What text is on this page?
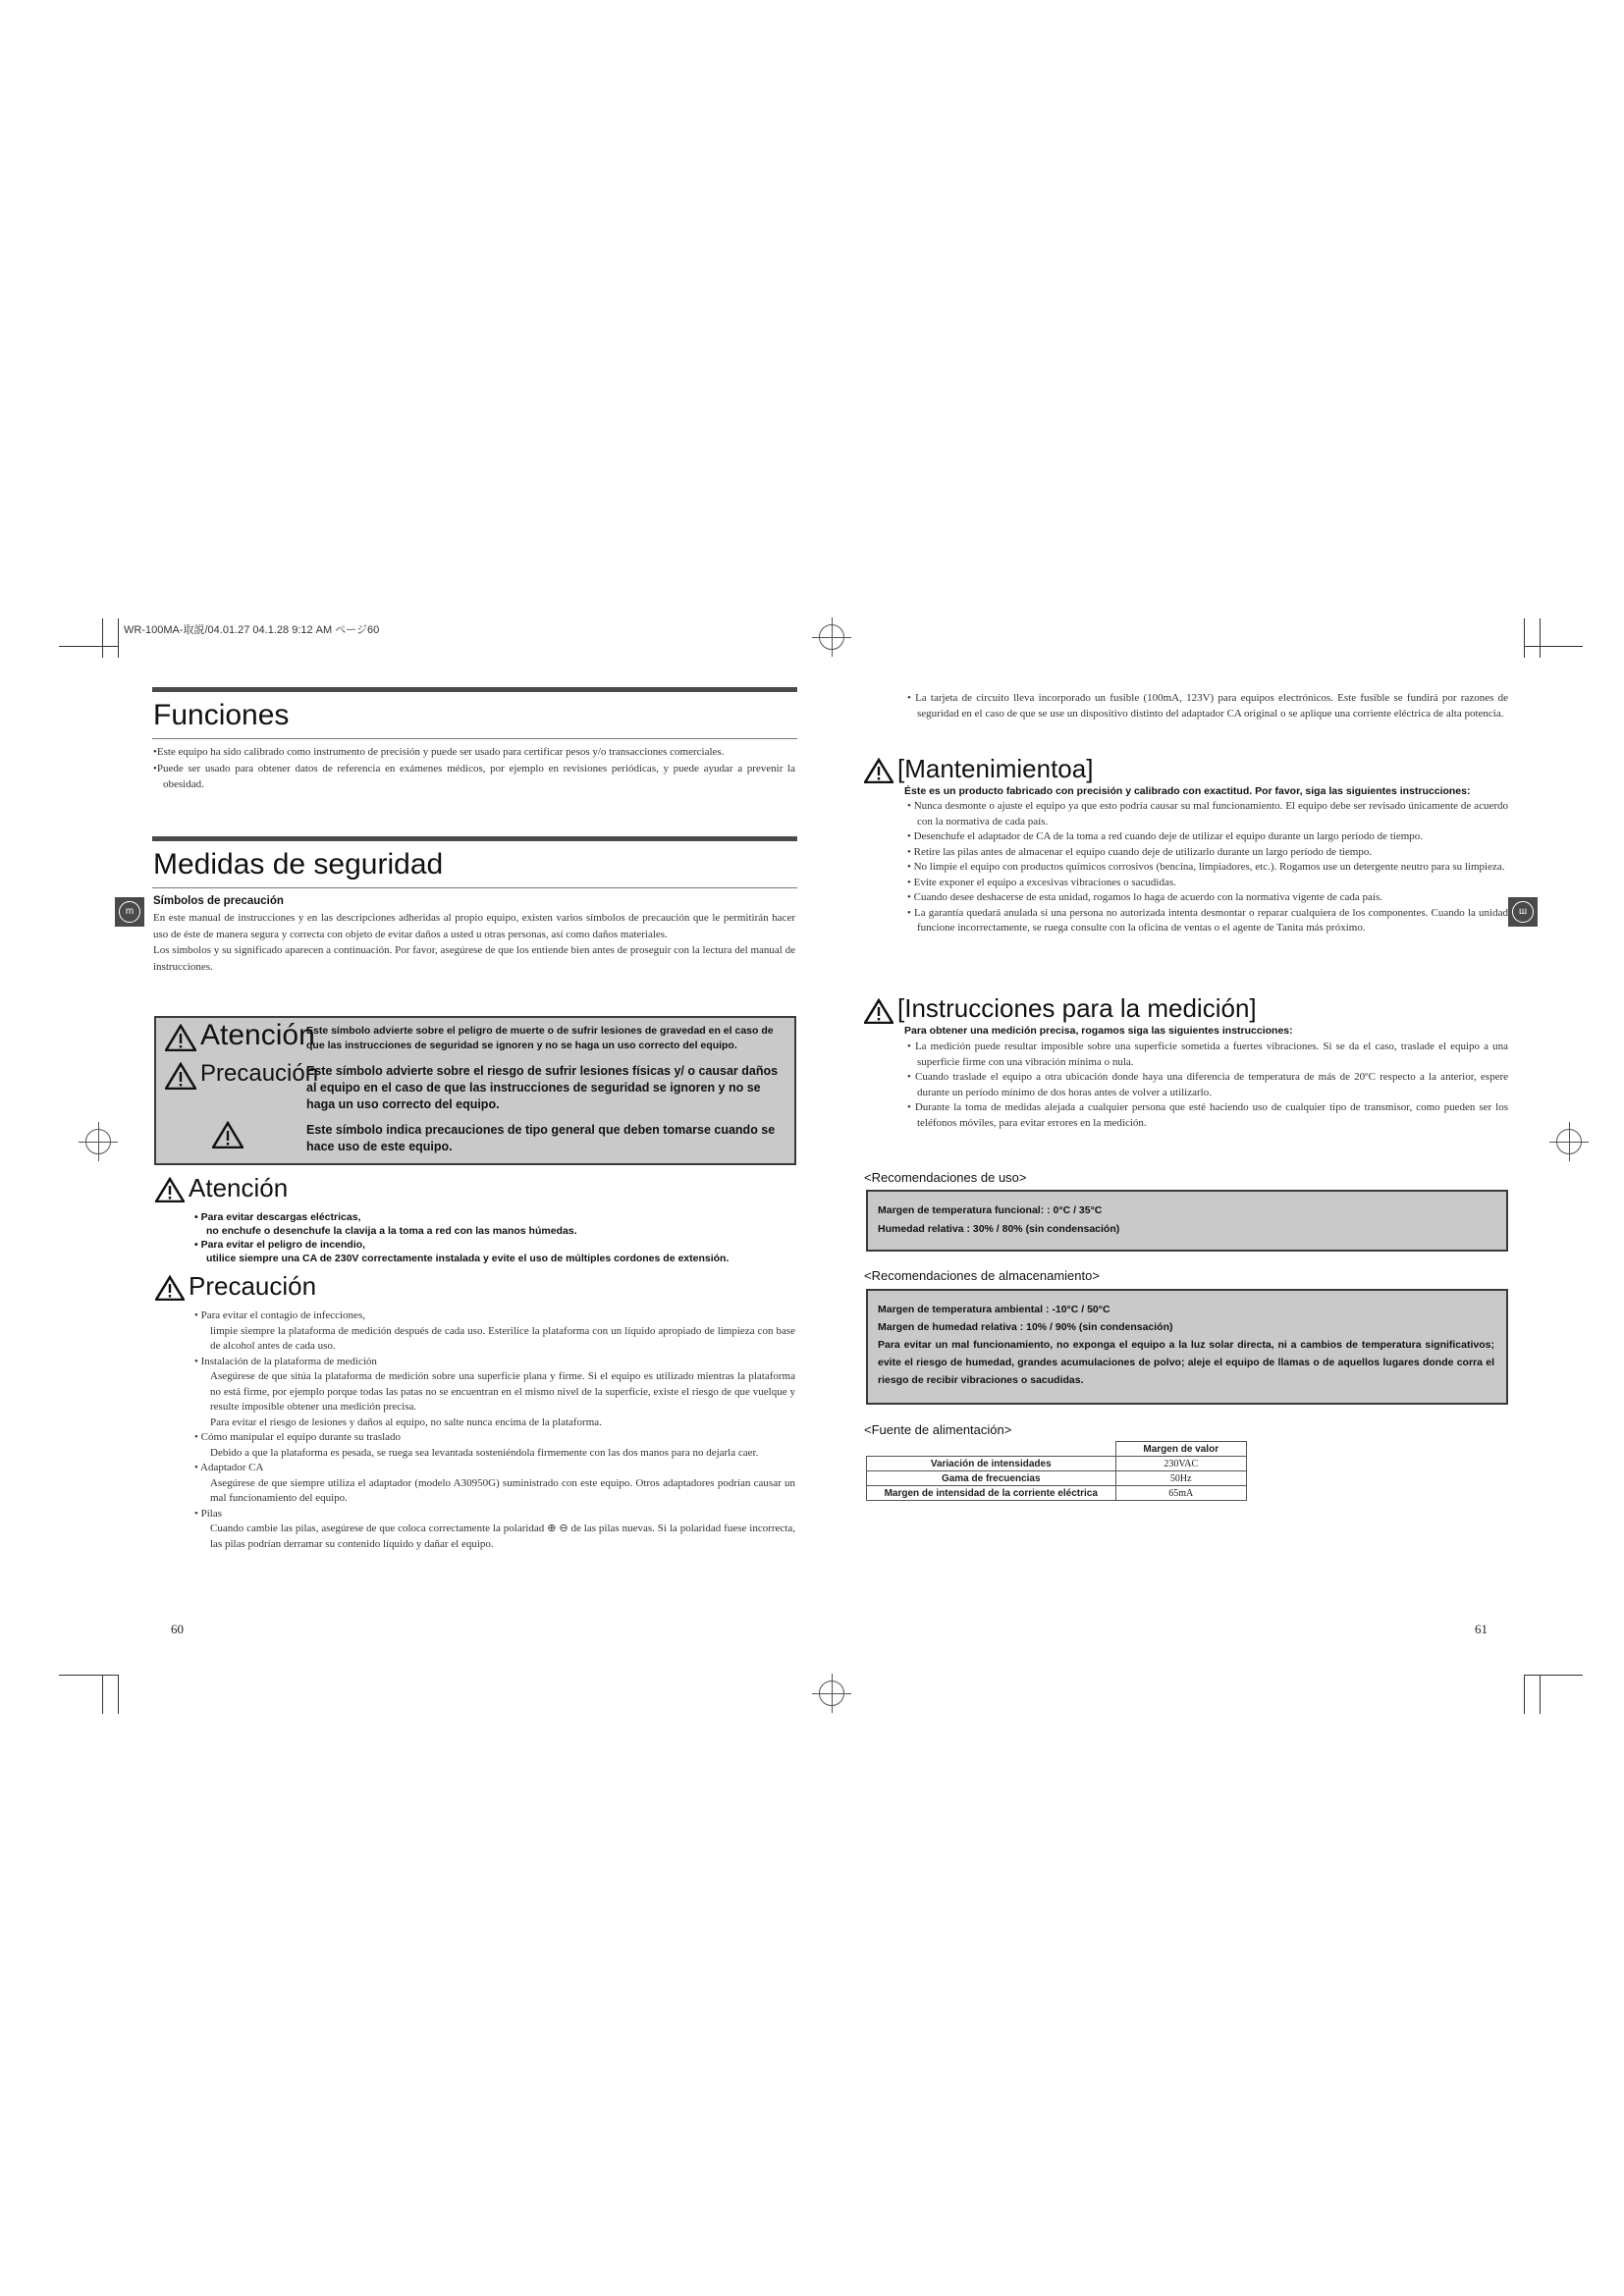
WR-100MA-取説/04.01.27 04.1.28 9:12 AM ページ60
Funciones

•Este equipo ha sido calibrado como instrumento de precisión y puede ser usado para certificar pesos y/o transacciones comerciales.

•Puede ser usado para obtener datos de referencia en exámenes médicos, por ejemplo en revisiones periódicas, y puede ayudar a prevenir la obesidad.

Medidas de seguridad
Símbolos de precaución
m

En este manual de instrucciones y en las descripciones adheridas al propio equipo, existen varios símbolos de precaución que le permitirán hacer uso de éste de manera segura y correcta con objeto de evitar daños a usted u otras personas, así como daños materiales.

Los símbolos y su significado aparecen a continuación. Por favor, asegúrese de que los entiende bien antes de proseguir con la lectura del manual de instrucciones.

Atención
Este símbolo advierte sobre el peligro de muerte o de sufrir lesiones de gravedad en el caso de que las instrucciones de seguridad se ignoren y no se haga un uso correcto del equipo.
Precaución
Este símbolo advierte sobre el riesgo de sufrir lesiones físicas y/ o causar daños al equipo en el caso de que las instrucciones de seguridad se ignoren y no se haga un uso correcto del equipo.
Este símbolo indica precauciones de tipo general que deben tomarse cuando se hace uso de este equipo.
Atención
• Para evitar descargas eléctricas,
no enchufe o desenchufe la clavija a la toma a red con las manos húmedas.
• Para evitar el peligro de incendio,
utilice siempre una CA de 230V correctamente instalada y evite el uso de múltiples cordones de extensión.
Precaución

• Para evitar el contagio de infecciones,

limpie siempre la plataforma de medición después de cada uso. Esterilice la plataforma con un líquido apropiado de limpieza con base de alcohol antes de cada uso.

• Instalación de la plataforma de medición

Asegúrese de que sitúa la plataforma de medición sobre una superficie plana y firme. Si el equipo es utilizado mientras la plataforma no está firme, por ejemplo porque todas las patas no se encuentran en el mismo nivel de la superficie, existe el riesgo de que vuelque y resulte imposible obtener una medición precisa.

Para evitar el riesgo de lesiones y daños al equipo, no salte nunca encima de la plataforma.

• Cómo manipular el equipo durante su traslado

Debido a que la plataforma es pesada, se ruega sea levantada sosteniéndola firmemente con las dos manos para no dejarla caer.

• Adaptador CA

Asegúrese de que siempre utiliza el adaptador (modelo A30950G) suministrado con este equipo. Otros adaptadores podrían causar un mal funcionamiento del equipo.

• Pilas

Cuando cambie las pilas, asegúrese de que coloca correctamente la polaridad ⊕ ⊖ de las pilas nuevas. Si la polaridad fuese incorrecta, las pilas podrían derramar su contenido líquido y dañar el equipo.

60

• La tarjeta de circuito lleva incorporado un fusible (100mA, 123V) para equipos electrónicos. Este fusible se fundirá por razones de seguridad en el caso de que se use un dispositivo distinto del adaptador CA original o se aplique una corriente eléctrica de alta potencia.

[Mantenimientoa]
Éste es un producto fabricado con precisión y calibrado con exactitud. Por favor, siga las siguientes instrucciones:
ш

• Nunca desmonte o ajuste el equipo ya que esto podría causar su mal funcionamiento. El equipo debe ser revisado únicamente de acuerdo con la normativa de cada país.

• Desenchufe el adaptador de CA de la toma a red cuando deje de utilizar el equipo durante un largo período de tiempo.

• Retire las pilas antes de almacenar el equipo cuando deje de utilizarlo durante un largo período de tiempo.

• No limpie el equipo con productos químicos corrosivos (bencina, limpiadores, etc.). Rogamos use un detergente neutro para su limpieza.

• Evite exponer el equipo a excesivas vibraciones o sacudidas.

• Cuando desee deshacerse de esta unidad, rogamos lo haga de acuerdo con la normativa vigente de cada país.

• La garantía quedará anulada si una persona no autorizada intenta desmontar o reparar cualquiera de los componentes. Cuando la unidad funcione incorrectamente, se ruega consulte con la oficina de ventas o el agente de Tanita más próximo.

[Instrucciones para la medición]
Para obtener una medición precisa, rogamos siga las siguientes instrucciones:

• La medición puede resultar imposible sobre una superficie sometida a fuertes vibraciones. Si se da el caso, traslade el equipo a una superficie firme con una vibración mínima o nula.

• Cuando traslade el equipo a otra ubicación donde haya una diferencia de temperatura de más de 20ºC respecto a la anterior, espere durante un período mínimo de dos horas antes de volver a utilizarlo.

• Durante la toma de medidas alejada a cualquier persona que esté haciendo uso de cualquier tipo de transmisor, como pueden ser los teléfonos móviles, para evitar errores en la medición.

<Recomendaciones de uso>
Margen de temperatura funcional: : 0°C / 35°C
Humedad relativa : 30% / 80% (sin condensación)
<Recomendaciones de almacenamiento>
Margen de temperatura ambiental : -10°C / 50°C
Margen de humedad relativa : 10% / 90% (sin condensación)
Para evitar un mal funcionamiento, no exponga el equipo a la luz solar directa, ni a cambios de temperatura significativos; evite el riesgo de humedad, grandes acumulaciones de polvo; aleje el equipo de llamas o de aquellos lugares donde corra el riesgo de recibir vibraciones o sacudidas.
<Fuente de alimentación>
	Margen de valor
Variación de intensidades	230VAC
Gama de frecuencias	50Hz
Margen de intensidad de la corriente eléctrica	65mA
61
